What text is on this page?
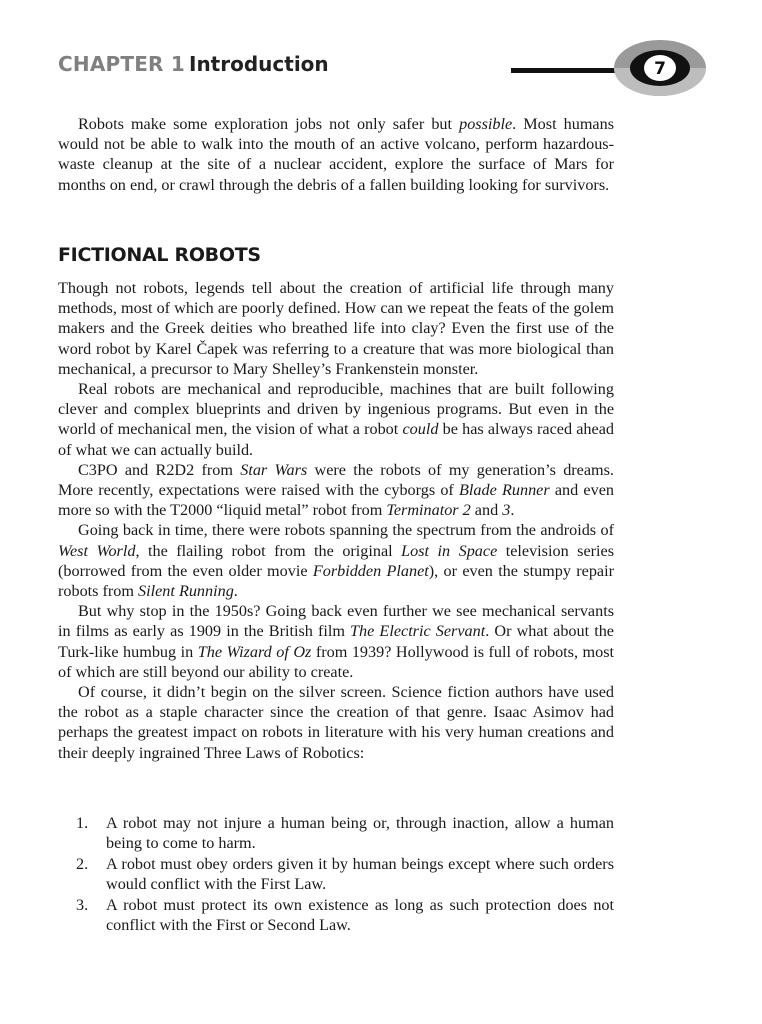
CHAPTER 1 Introduction	7

Robots make some exploration jobs not only safer but possible. Most humans would not be able to walk into the mouth of an active volcano, perform hazardous-waste cleanup at the site of a nuclear accident, explore the surface of Mars for months on end, or crawl through the debris of a fallen building looking for survivors.

FICTIONAL ROBOTS

Though not robots, legends tell about the creation of artificial life through many methods, most of which are poorly defined. How can we repeat the feats of the golem makers and the Greek deities who breathed life into clay? Even the first use of the word robot by Karel Čapek was referring to a creature that was more biological than mechanical, a precursor to Mary Shelley’s Frankenstein monster.

Real robots are mechanical and reproducible, machines that are built following clever and complex blueprints and driven by ingenious programs. But even in the world of mechanical men, the vision of what a robot could be has always raced ahead of what we can actually build.

C3PO and R2D2 from Star Wars were the robots of my generation’s dreams. More recently, expectations were raised with the cyborgs of Blade Runner and even more so with the T2000 “liquid metal” robot from Terminator 2 and 3.

Going back in time, there were robots spanning the spectrum from the androids of West World, the flailing robot from the original Lost in Space television series (borrowed from the even older movie Forbidden Planet), or even the stumpy repair robots from Silent Running.

But why stop in the 1950s? Going back even further we see mechanical servants in films as early as 1909 in the British film The Electric Servant. Or what about the Turk-like humbug in The Wizard of Oz from 1939? Hollywood is full of robots, most of which are still beyond our ability to create.

Of course, it didn’t begin on the silver screen. Science fiction authors have used the robot as a staple character since the creation of that genre. Isaac Asimov had perhaps the greatest impact on robots in literature with his very human creations and their deeply ingrained Three Laws of Robotics:

1. A robot may not injure a human being or, through inaction, allow a human being to come to harm.
2. A robot must obey orders given it by human beings except where such orders would conflict with the First Law.
3. A robot must protect its own existence as long as such protection does not conflict with the First or Second Law.
